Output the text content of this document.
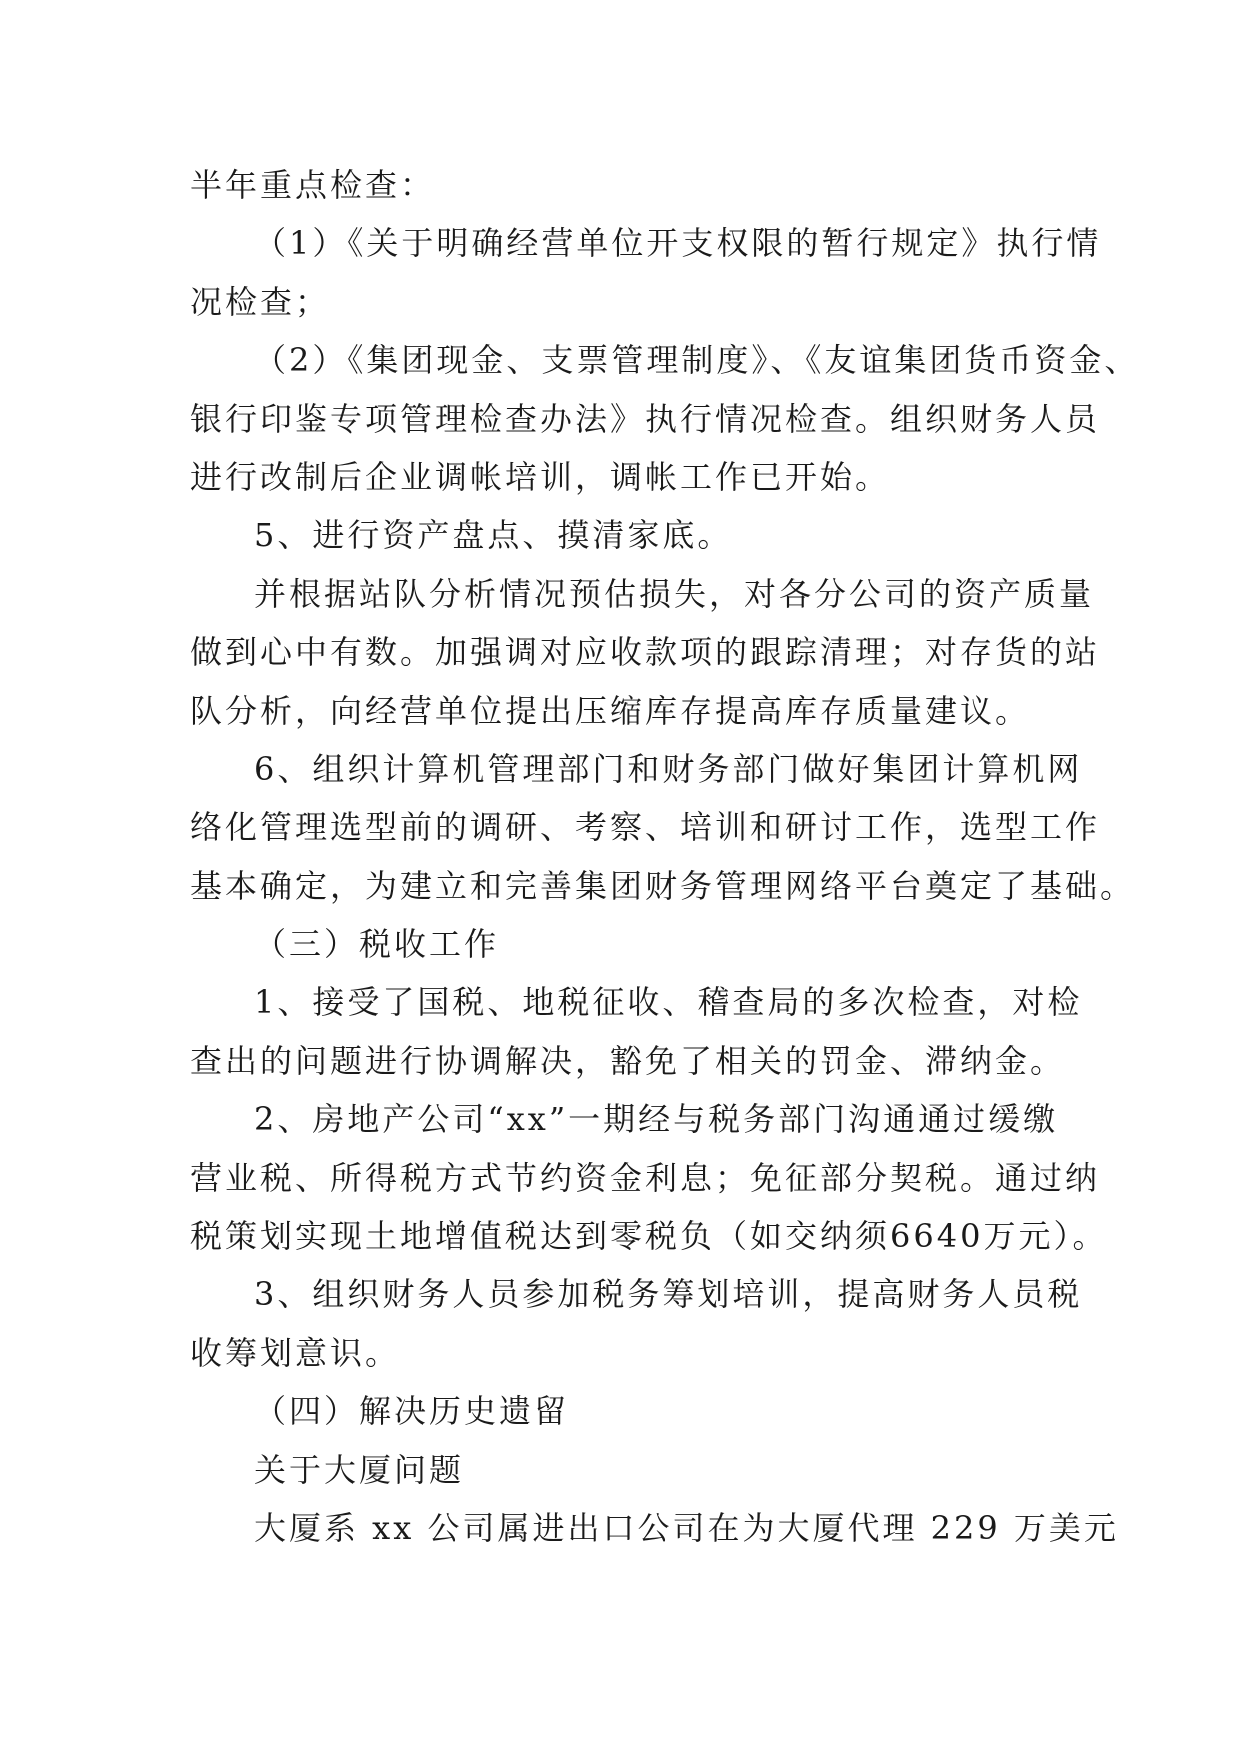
半年重点检查：
（1）《关于明确经营单位开支权限的暂行规定》执行情
况检查；
（2）《集团现金、支票管理制度》、《友谊集团货币资金、
银行印鉴专项管理检查办法》执行情况检查。组织财务人员
进行改制后企业调帐培训，调帐工作已开始。
5、进行资产盘点、摸清家底。
并根据站队分析情况预估损失，对各分公司的资产质量
做到心中有数。加强调对应收款项的跟踪清理；对存货的站
队分析，向经营单位提出压缩库存提高库存质量建议。
6、组织计算机管理部门和财务部门做好集团计算机网
络化管理选型前的调研、考察、培训和研讨工作，选型工作
基本确定，为建立和完善集团财务管理网络平台奠定了基础。
（三）税收工作
1、接受了国税、地税征收、稽查局的多次检查，对检
查出的问题进行协调解决，豁免了相关的罚金、滞纳金。
2、房地产公司“xx”一期经与税务部门沟通通过缓缴
营业税、所得税方式节约资金利息；免征部分契税。通过纳
税策划实现土地增值税达到零税负（如交纳须6640万元）。
3、组织财务人员参加税务筹划培训，提高财务人员税
收筹划意识。
（四）解决历史遗留
关于大厦问题
大厦系 xx 公司属进出口公司在为大厦代理 229 万美元
